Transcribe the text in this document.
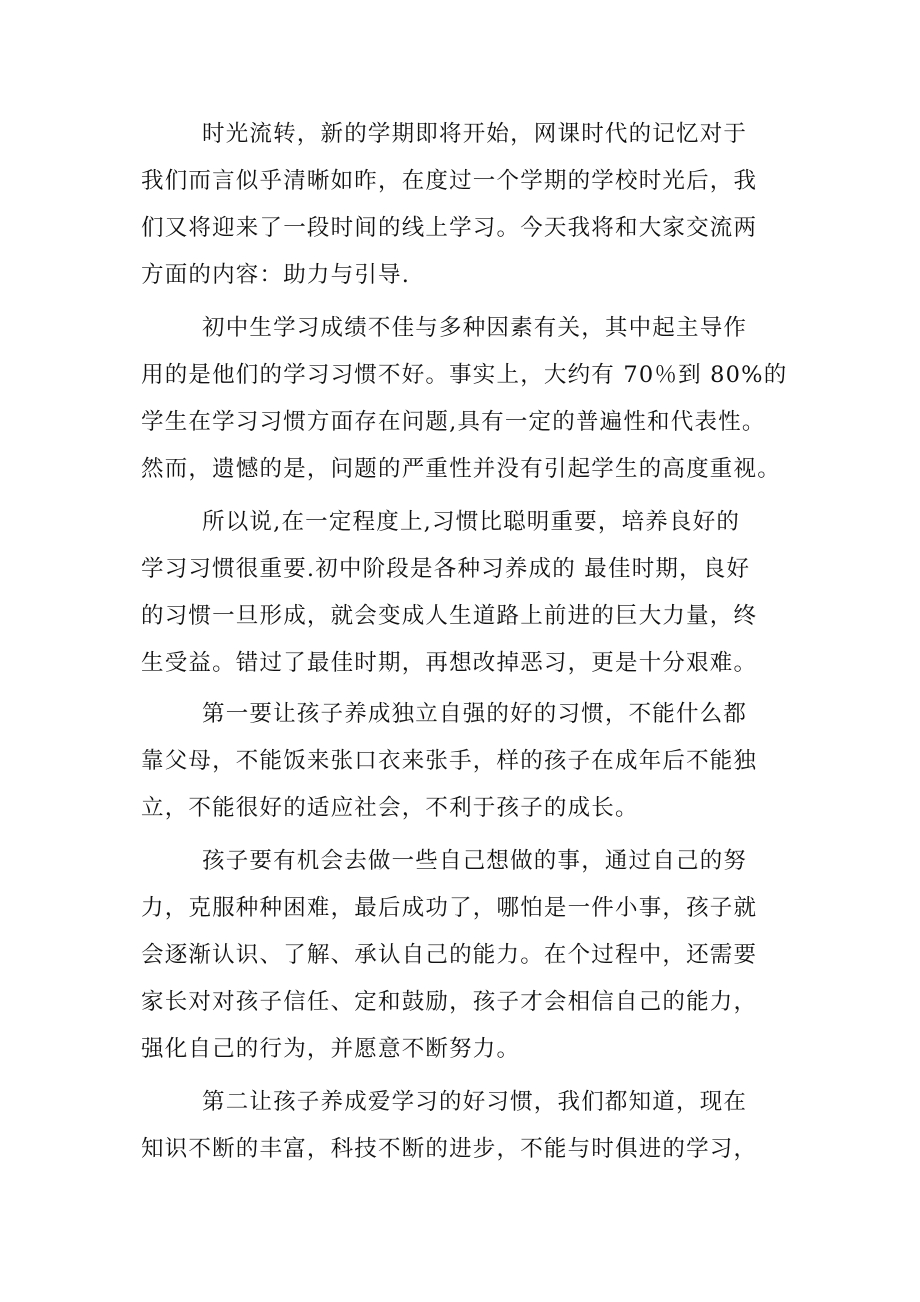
时光流转，新的学期即将开始，网课时代的记忆对于
我们而言似乎清晰如昨，在度过一个学期的学校时光后，我
们又将迎来了一段时间的线上学习。今天我将和大家交流两
方面的内容：助力与引导.
初中生学习成绩不佳与多种因素有关，其中起主导作
用的是他们的学习习惯不好。事实上，大约有 70％到 80%的
学生在学习习惯方面存在问题,具有一定的普遍性和代表性。
然而，遗憾的是，问题的严重性并没有引起学生的高度重视。
所以说,在一定程度上,习惯比聪明重要，培养良好的
学习习惯很重要.初中阶段是各种习养成的 最佳时期，良好
的习惯一旦形成，就会变成人生道路上前进的巨大力量，终
生受益。错过了最佳时期，再想改掉恶习，更是十分艰难。
第一要让孩子养成独立自强的好的习惯，不能什么都
靠父母，不能饭来张口衣来张手，样的孩子在成年后不能独
立，不能很好的适应社会，不利于孩子的成长。
孩子要有机会去做一些自己想做的事，通过自己的努
力，克服种种困难，最后成功了，哪怕是一件小事，孩子就
会逐渐认识、了解、承认自己的能力。在个过程中，还需要
家长对对孩子信任、定和鼓励，孩子才会相信自己的能力，
强化自己的行为，并愿意不断努力。
第二让孩子养成爱学习的好习惯，我们都知道，现在
知识不断的丰富，科技不断的进步，不能与时俱进的学习，
